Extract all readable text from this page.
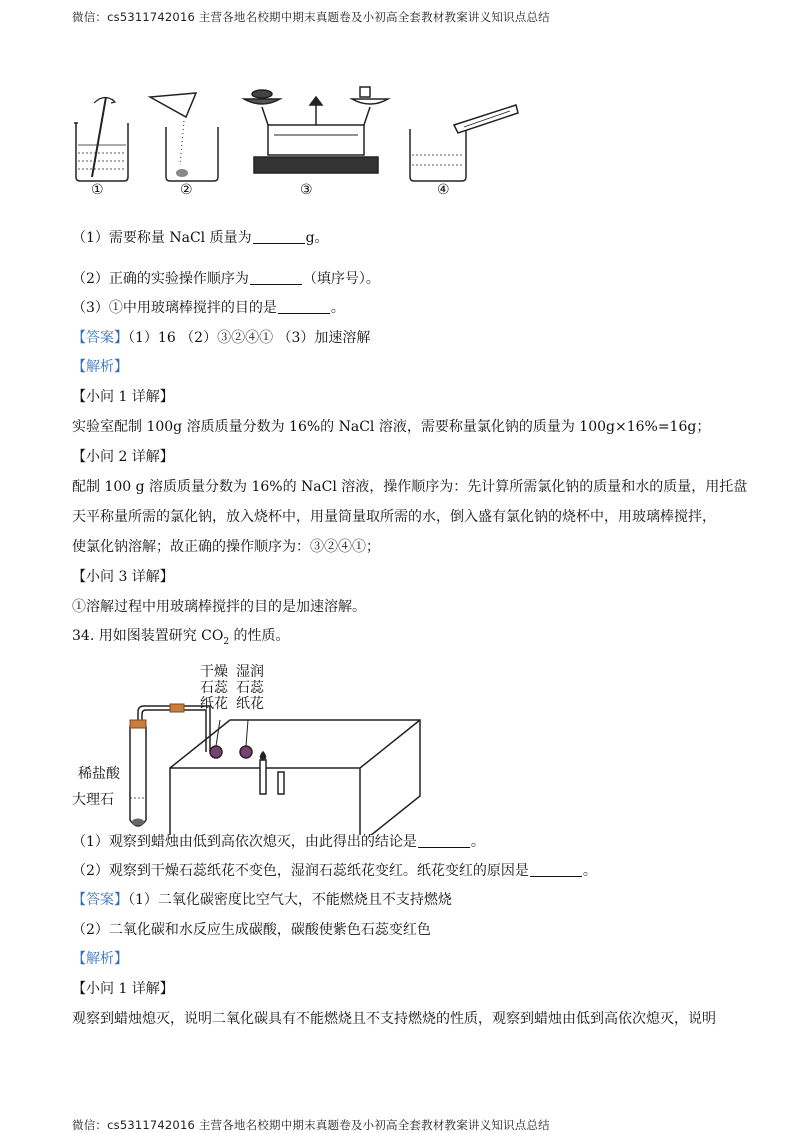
微信：cs5311742016 主营各地名校期中期末真题卷及小初高全套教材教案讲义知识点总结
①	②	③	④
（1）需要称量 NaCl 质量为	g。
（2）正确的实验操作顺序为	（填序号）。
（3）①中用玻璃棒搅拌的目的是	。
【答案】（1）16 （2）③②④① （3）加速溶解
【解析】
【小问 1 详解】
实验室配制 100g 溶质质量分数为 16%的 NaCl 溶液，需要称量氯化钠的质量为 100g×16%=16g；
【小问 2 详解】
配制 100 g 溶质质量分数为 16%的 NaCl 溶液，操作顺序为：先计算所需氯化钠的质量和水的质量，用托盘
天平称量所需的氯化钠，放入烧杯中，用量筒量取所需的水，倒入盛有氯化钠的烧杯中，用玻璃棒搅拌，
使氯化钠溶解；故正确的操作顺序为：③②④①；
【小问 3 详解】
①溶解过程中用玻璃棒搅拌的目的是加速溶解。
34. 用如图装置研究 $CO_2$ 的性质。
干燥
石蕊
纸花
湿润
石蕊
纸花
稀盐酸
大理石
（1）观察到蜡烛由低到高依次熄灭，由此得出的结论是	。
（2）观察到干燥石蕊纸花不变色，湿润石蕊纸花变红。纸花变红的原因是	。
【答案】（1）二氧化碳密度比空气大，不能燃烧且不支持燃烧
（2）二氧化碳和水反应生成碳酸，碳酸使紫色石蕊变红色
【解析】
【小问 1 详解】
观察到蜡烛熄灭，说明二氧化碳具有不能燃烧且不支持燃烧的性质，观察到蜡烛由低到高依次熄灭，说明
微信：cs5311742016 主营各地名校期中期末真题卷及小初高全套教材教案讲义知识点总结
